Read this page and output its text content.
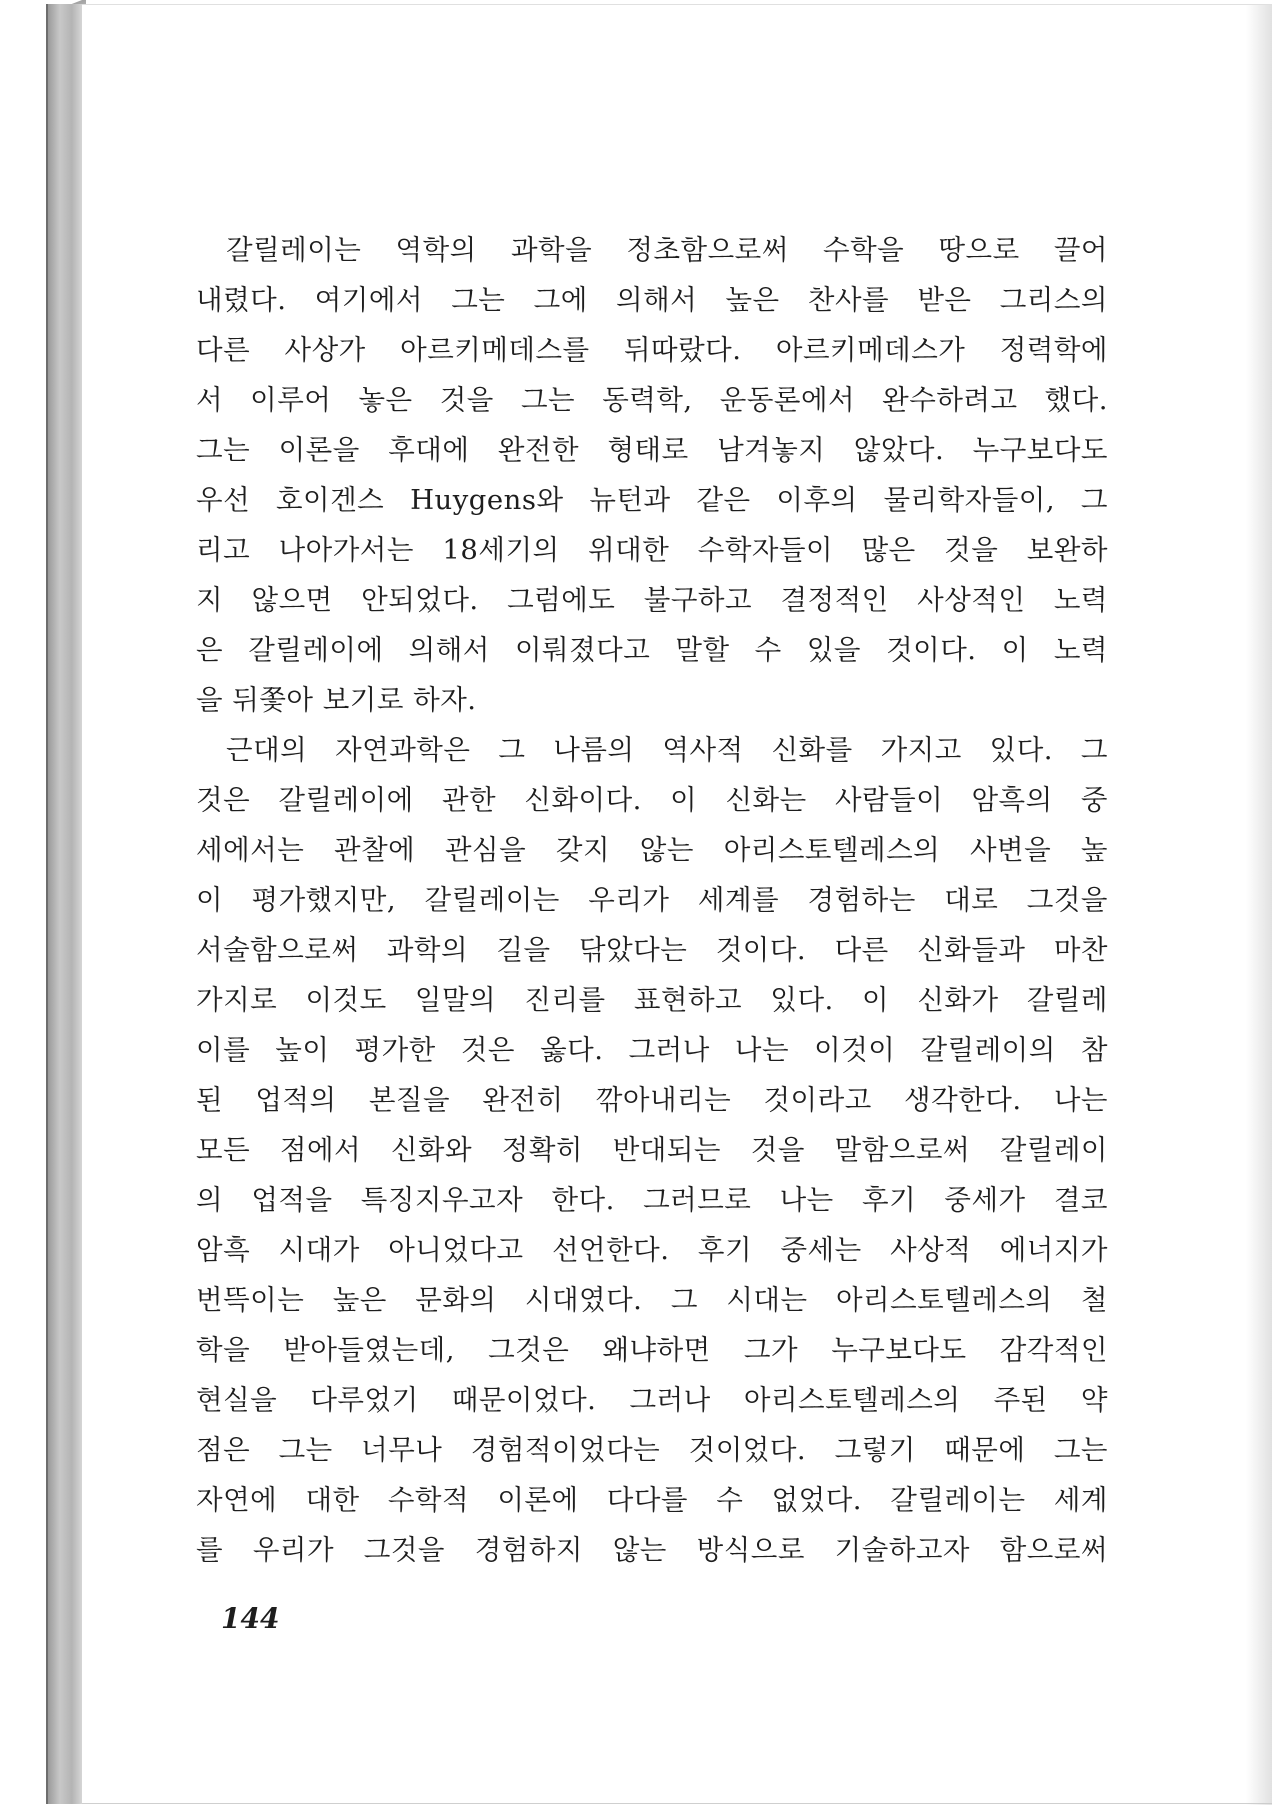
갈릴레이는 역학의 과학을 정초함으로써 수학을 땅으로 끌어
내렸다. 여기에서 그는 그에 의해서 높은 찬사를 받은 그리스의
다른 사상가 아르키메데스를 뒤따랐다. 아르키메데스가 정력학에
서 이루어 놓은 것을 그는 동력학, 운동론에서 완수하려고 했다.
그는 이론을 후대에 완전한 형태로 남겨놓지 않았다. 누구보다도
우선 호이겐스 Huygens와 뉴턴과 같은 이후의 물리학자들이, 그
리고 나아가서는 18세기의 위대한 수학자들이 많은 것을 보완하
지 않으면 안되었다. 그럼에도 불구하고 결정적인 사상적인 노력
은 갈릴레이에 의해서 이뤄졌다고 말할 수 있을 것이다. 이 노력
을 뒤쫓아 보기로 하자.
근대의 자연과학은 그 나름의 역사적 신화를 가지고 있다. 그
것은 갈릴레이에 관한 신화이다. 이 신화는 사람들이 암흑의 중
세에서는 관찰에 관심을 갖지 않는 아리스토텔레스의 사변을 높
이 평가했지만, 갈릴레이는 우리가 세계를 경험하는 대로 그것을
서술함으로써 과학의 길을 닦았다는 것이다. 다른 신화들과 마찬
가지로 이것도 일말의 진리를 표현하고 있다. 이 신화가 갈릴레
이를 높이 평가한 것은 옳다. 그러나 나는 이것이 갈릴레이의 참
된 업적의 본질을 완전히 깎아내리는 것이라고 생각한다. 나는
모든 점에서 신화와 정확히 반대되는 것을 말함으로써 갈릴레이
의 업적을 특징지우고자 한다. 그러므로 나는 후기 중세가 결코
암흑 시대가 아니었다고 선언한다. 후기 중세는 사상적 에너지가
번뜩이는 높은 문화의 시대였다. 그 시대는 아리스토텔레스의 철
학을 받아들였는데, 그것은 왜냐하면 그가 누구보다도 감각적인
현실을 다루었기 때문이었다. 그러나 아리스토텔레스의 주된 약
점은 그는 너무나 경험적이었다는 것이었다. 그렇기 때문에 그는
자연에 대한 수학적 이론에 다다를 수 없었다. 갈릴레이는 세계
를 우리가 그것을 경험하지 않는 방식으로 기술하고자 함으로써
144
